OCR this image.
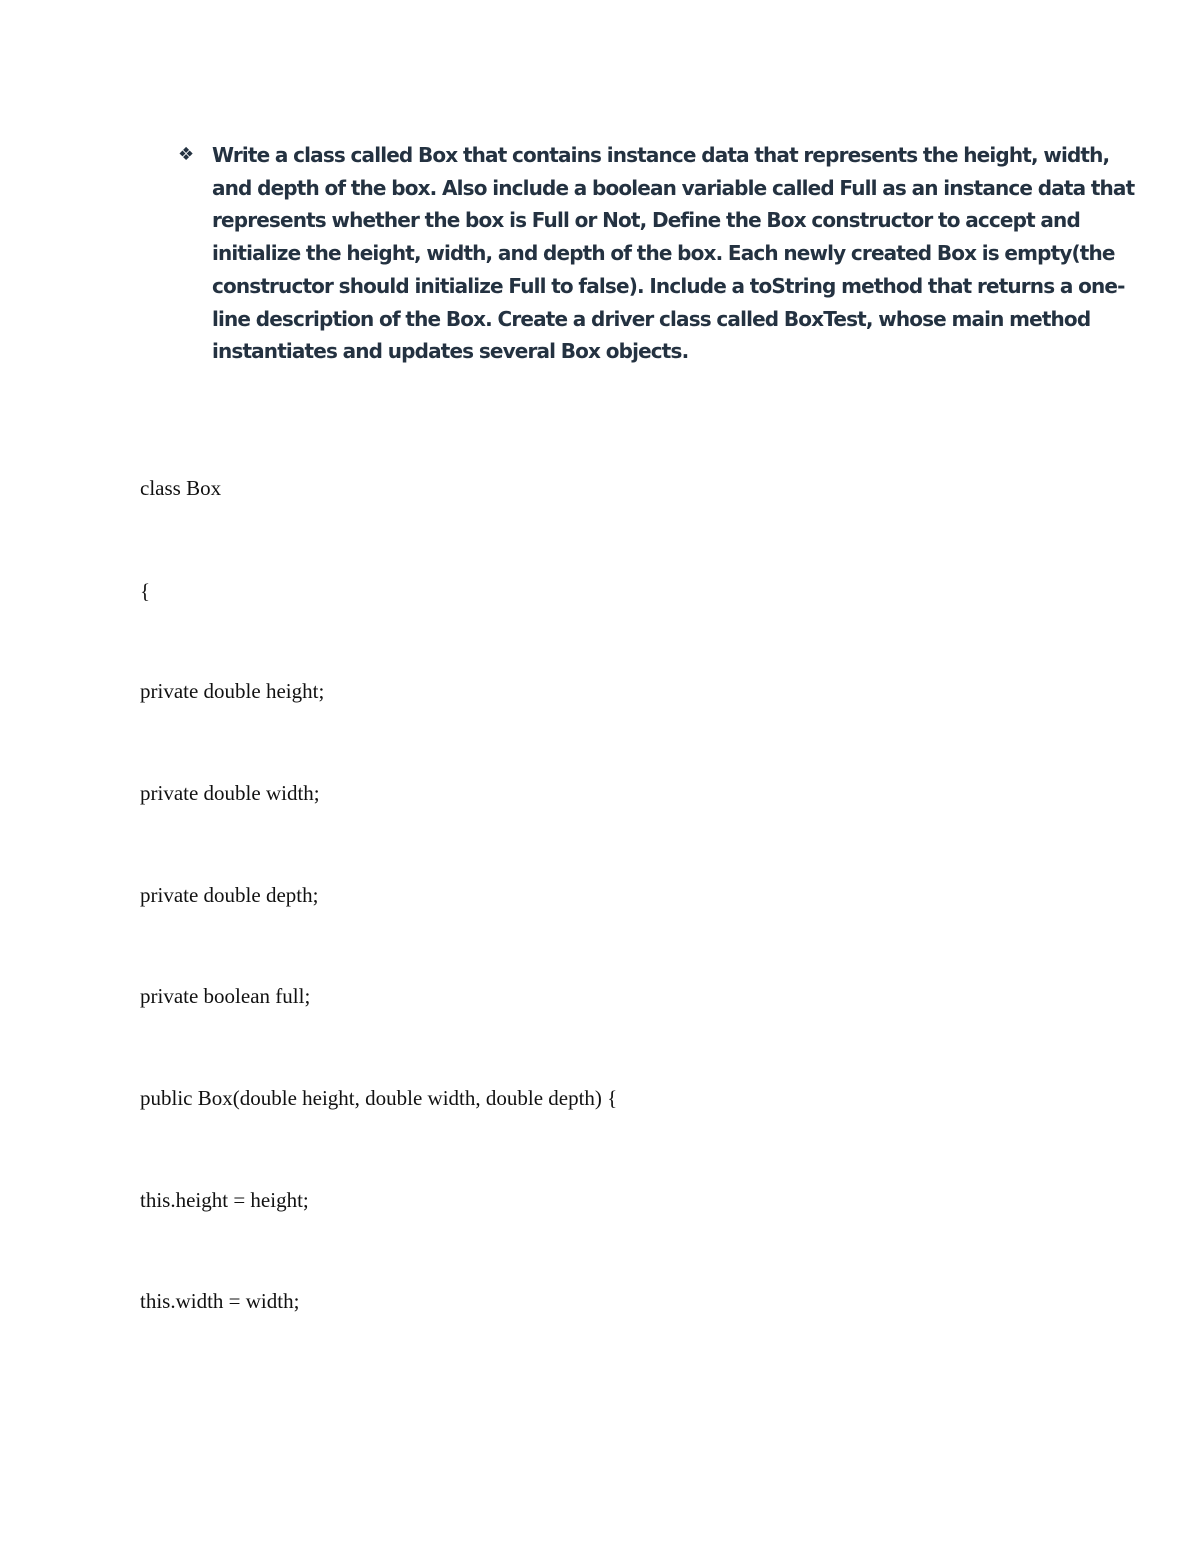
❖ Write a class called Box that contains instance data that represents the height, width, and depth of the box. Also include a boolean variable called Full as an instance data that represents whether the box is Full or Not, Define the Box constructor to accept and initialize the height, width, and depth of the box. Each newly created Box is empty(the constructor should initialize Full to false). Include a toString method that returns a one-line description of the Box. Create a driver class called BoxTest, whose main method instantiates and updates several Box objects.

class Box

{

private double height;

private double width;

private double depth;

private boolean full;

public Box(double height, double width, double depth) {

this.height = height;

this.width = width;
